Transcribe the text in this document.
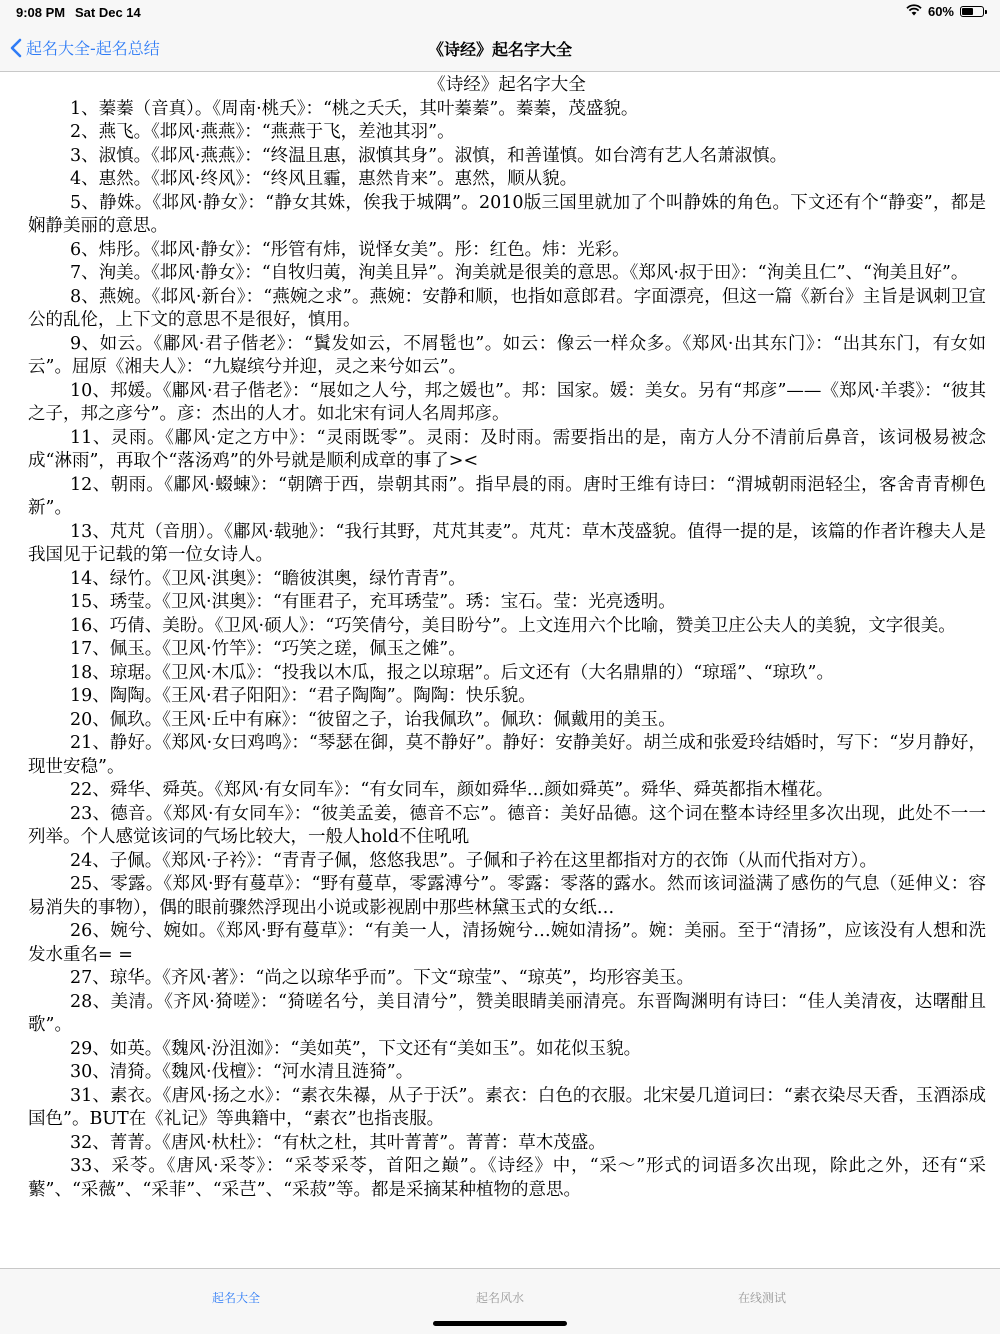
9:08 PM Sat Dec 14	60%
起名大全-起名总结	《诗经》起名字大全

《诗经》起名字大全

1、蓁蓁（音真）。《周南·桃夭》：“桃之夭夭，其叶蓁蓁”。蓁蓁，茂盛貌。

2、燕飞。《邶风·燕燕》：“燕燕于飞，差池其羽”。

3、淑慎。《邶风·燕燕》：“终温且惠，淑慎其身”。淑慎，和善谨慎。如台湾有艺人名萧淑慎。

4、惠然。《邶风·终风》：“终风且霾，惠然肯来”。惠然，顺从貌。

5、静姝。《邶风·静女》：“静女其姝，俟我于城隅”。2010版三国里就加了个叫静姝的角色。下文还有个“静娈”，都是娴静美丽的意思。

6、炜彤。《邶风·静女》：“彤管有炜，说怿女美”。彤：红色。炜：光彩。

7、洵美。《邶风·静女》：“自牧归荑，洵美且异”。洵美就是很美的意思。《郑风·叔于田》：“洵美且仁”、“洵美且好”。

8、燕婉。《邶风·新台》：“燕婉之求”。燕婉：安静和顺，也指如意郎君。字面漂亮，但这一篇《新台》主旨是讽刺卫宣公的乱伦，上下文的意思不是很好，慎用。

9、如云。《鄘风·君子偕老》：“鬒发如云，不屑髢也”。如云：像云一样众多。《郑风·出其东门》：“出其东门，有女如云”。屈原《湘夫人》：“九嶷缤兮并迎，灵之来兮如云”。

10、邦媛。《鄘风·君子偕老》：“展如之人兮，邦之媛也”。邦：国家。媛：美女。另有“邦彦”——《郑风·羊裘》：“彼其之子，邦之彦兮”。彦：杰出的人才。如北宋有词人名周邦彦。

11、灵雨。《鄘风·定之方中》：“灵雨既零”。灵雨：及时雨。需要指出的是，南方人分不清前后鼻音，该词极易被念成“淋雨”，再取个“落汤鸡”的外号就是顺利成章的事了><

12、朝雨。《鄘风·蝃蝀》：“朝隮于西，崇朝其雨”。指早晨的雨。唐时王维有诗曰：“渭城朝雨浥轻尘，客舍青青柳色新”。

13、芃芃（音朋）。《鄘风·载驰》：“我行其野，芃芃其麦”。芃芃：草木茂盛貌。值得一提的是，该篇的作者许穆夫人是我国见于记载的第一位女诗人。

14、绿竹。《卫风·淇奥》：“瞻彼淇奥，绿竹青青”。

15、琇莹。《卫风·淇奥》：“有匪君子，充耳琇莹”。琇：宝石。莹：光亮透明。

16、巧倩、美盼。《卫风·硕人》：“巧笑倩兮，美目盼兮”。上文连用六个比喻，赞美卫庄公夫人的美貌，文字很美。

17、佩玉。《卫风·竹竿》：“巧笑之瑳，佩玉之傩”。

18、琼琚。《卫风·木瓜》：“投我以木瓜，报之以琼琚”。后文还有（大名鼎鼎的）“琼瑶”、“琼玖”。

19、陶陶。《王风·君子阳阳》：“君子陶陶”。陶陶：快乐貌。

20、佩玖。《王风·丘中有麻》：“彼留之子，诒我佩玖”。佩玖：佩戴用的美玉。

21、静好。《郑风·女曰鸡鸣》：“琴瑟在御，莫不静好”。静好：安静美好。胡兰成和张爱玲结婚时，写下：“岁月静好，现世安稳”。

22、舜华、舜英。《郑风·有女同车》：“有女同车，颜如舜华…颜如舜英”。舜华、舜英都指木槿花。

23、德音。《郑风·有女同车》：“彼美孟姜，德音不忘”。德音：美好品德。这个词在整本诗经里多次出现，此处不一一列举。个人感觉该词的气场比较大，一般人hold不住吼吼

24、子佩。《郑风·子衿》：“青青子佩，悠悠我思”。子佩和子衿在这里都指对方的衣饰（从而代指对方）。

25、零露。《郑风·野有蔓草》：“野有蔓草，零露溥兮”。零露：零落的露水。然而该词溢满了感伤的气息（延伸义：容易消失的事物），偶的眼前骤然浮现出小说或影视剧中那些林黛玉式的女纸…

26、婉兮、婉如。《郑风·野有蔓草》：“有美一人，清扬婉兮…婉如清扬”。婉：美丽。至于“清扬”，应该没有人想和洗发水重名= =

27、琼华。《齐风·著》：“尚之以琼华乎而”。下文“琼莹”、“琼英”，均形容美玉。

28、美清。《齐风·猗嗟》：“猗嗟名兮，美目清兮”，赞美眼睛美丽清亮。东晋陶渊明有诗曰：“佳人美清夜，达曙酣且歌”。

29、如英。《魏风·汾沮洳》：“美如英”，下文还有“美如玉”。如花似玉貌。

30、清猗。《魏风·伐檀》：“河水清且涟猗”。

31、素衣。《唐风·扬之水》：“素衣朱襮，从子于沃”。素衣：白色的衣服。北宋晏几道词曰：“素衣染尽天香，玉酒添成国色”。BUT在《礼记》等典籍中，“素衣”也指丧服。

32、菁菁。《唐风·杕杜》：“有杕之杜，其叶菁菁”。菁菁：草木茂盛。

33、采苓。《唐风·采苓》：“采苓采苓，首阳之巅”。《诗经》中，“采～”形式的词语多次出现，除此之外，还有“采蘩”、“采薇”、“采菲”、“采芑”、“采菽”等。都是采摘某种植物的意思。

起名大全	起名风水	在线测试
